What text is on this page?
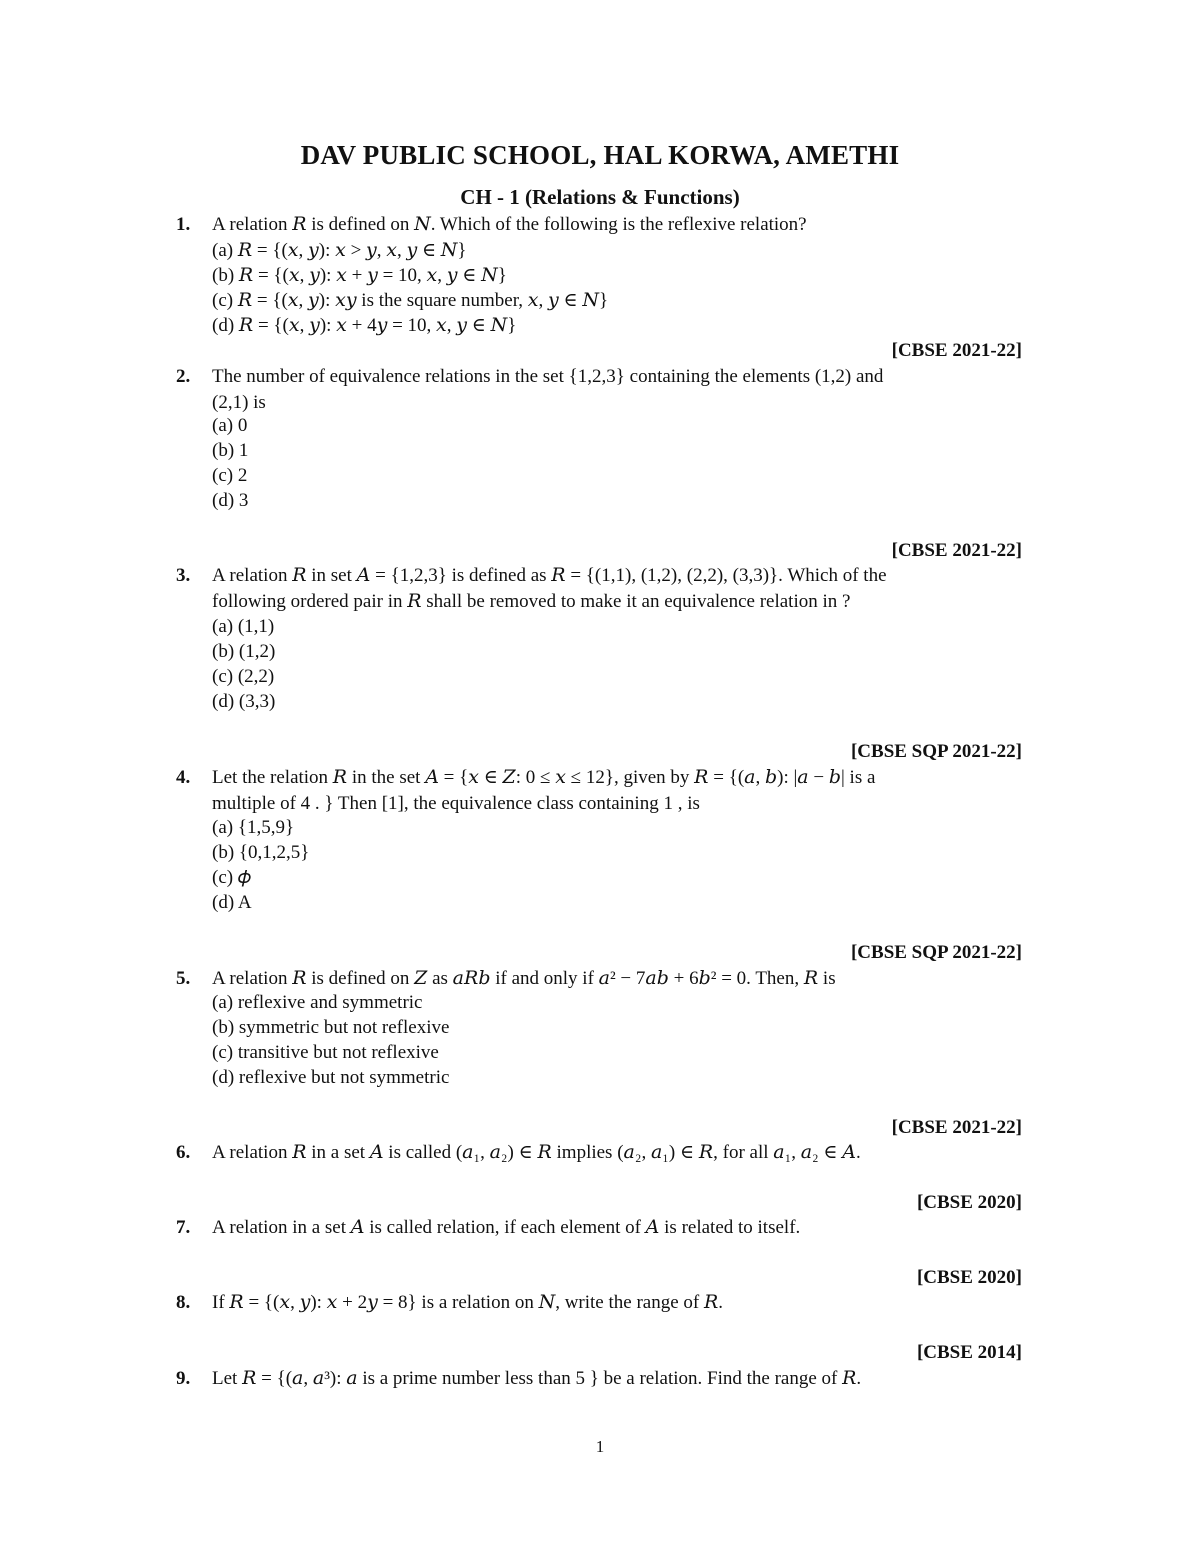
DAV PUBLIC SCHOOL, HAL KORWA, AMETHI
CH - 1 (Relations & Functions)
1. A relation 𝑅 is defined on 𝑁. Which of the following is the reflexive relation?
(a) 𝑅 = {(𝑥, 𝑦): 𝑥 > 𝑦, 𝑥, 𝑦 ∈ 𝑁}
(b) 𝑅 = {(𝑥, 𝑦): 𝑥 + 𝑦 = 10, 𝑥, 𝑦 ∈ 𝑁}
(c) 𝑅 = {(𝑥, 𝑦): 𝑥𝑦 is the square number, 𝑥, 𝑦 ∈ 𝑁}
(d) 𝑅 = {(𝑥, 𝑦): 𝑥 + 4𝑦 = 10, 𝑥, 𝑦 ∈ 𝑁}
[CBSE 2021-22]
2. The number of equivalence relations in the set {1,2,3} containing the elements (1,2) and
(2,1) is
(a) 0
(b) 1
(c) 2
(d) 3
[CBSE 2021-22]
3. A relation 𝑅 in set 𝐴 = {1,2,3} is defined as 𝑅 = {(1,1), (1,2), (2,2), (3,3)}. Which of the
following ordered pair in 𝑅 shall be removed to make it an equivalence relation in ?
(a) (1,1)
(b) (1,2)
(c) (2,2)
(d) (3,3)
[CBSE SQP 2021-22]
4. Let the relation 𝑅 in the set 𝐴 = {𝑥 ∈ 𝑍: 0 ≤ 𝑥 ≤ 12}, given by 𝑅 = {(𝑎, 𝑏): |𝑎 − 𝑏| is a
multiple of 4 . } Then [1], the equivalence class containing 1 , is
(a) {1,5,9}
(b) {0,1,2,5}
(c) 𝜙
(d) A
[CBSE SQP 2021-22]
5. A relation 𝑅 is defined on 𝑍 as 𝑎𝑅𝑏 if and only if 𝑎² − 7𝑎𝑏 + 6𝑏² = 0. Then, 𝑅 is
(a) reflexive and symmetric
(b) symmetric but not reflexive
(c) transitive but not reflexive
(d) reflexive but not symmetric
[CBSE 2021-22]
6. A relation 𝑅 in a set 𝐴 is called (𝑎₁, 𝑎₂) ∈ 𝑅 implies (𝑎₂, 𝑎₁) ∈ 𝑅, for all 𝑎₁, 𝑎₂ ∈ 𝐴.
[CBSE 2020]
7. A relation in a set 𝐴 is called relation, if each element of 𝐴 is related to itself.
[CBSE 2020]
8. If 𝑅 = {(𝑥, 𝑦): 𝑥 + 2𝑦 = 8} is a relation on 𝑁, write the range of 𝑅.
[CBSE 2014]
9. Let 𝑅 = {(𝑎, 𝑎³): 𝑎 is a prime number less than 5 } be a relation. Find the range of 𝑅.
1
